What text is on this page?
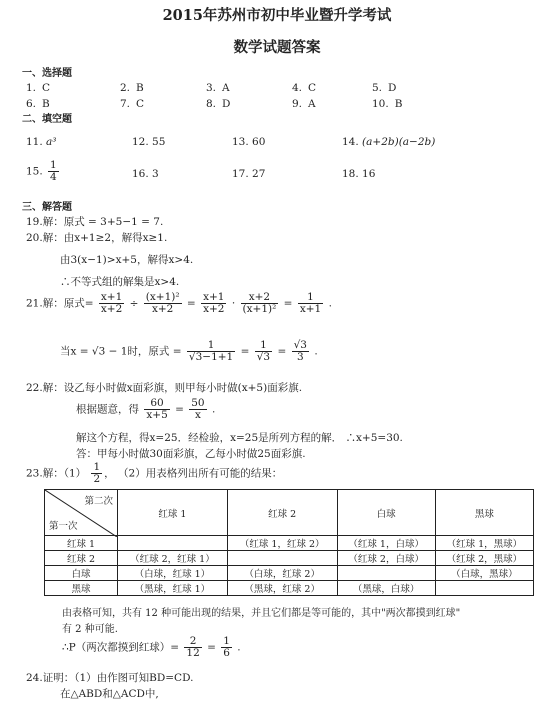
2015年苏州市初中毕业暨升学考试
数学试题答案
一、选择题
1. C	2. B	3. A	4. C	5. D
6. B	7. C	8. D	9. A	10. B
二、填空题
11. a³	12. 55	13. 60	14. (a+2b)(a−2b)
15. $\frac{1}{4}$	16. 3	17. 27	18. 16
三、解答题
19.解：原式 = 3+5−1 = 7.
20.解：由x+1≥2，解得x≥1.
由3(x−1)>x+5，解得x>4.
∴不等式组的解集是x>4.
21.解：原式= $\frac{x+1}{x+2} \div \frac{\text{(x+1)²}}{x+2} = \frac{x+1}{x+2} \cdot \frac{x+2}{\text{(x+1)²}} = \frac{1}{x+1}$ .
当x = √3 − 1时，原式 = $\frac{1}{√3-1+1} = \frac{1}{√3} = \frac{√3}{3}$ .
22.解：设乙每小时做x面彩旗，则甲每小时做(x+5)面彩旗.
根据题意，得 $\frac{60}{x+5} = \frac{50}{x}$ .
解这个方程，得x=25．经检验，x=25是所列方程的解． ∴x+5=30.
答：甲每小时做30面彩旗，乙每小时做25面彩旗.
23.解：$(1) \frac{1}{2}$ ， （2）用表格列出所有可能的结果：
第二次
第一次	红球 1	红球 2	白球	黑球
红球 1		（红球 1，红球 2）	（红球 1，白球）	（红球 1，黑球）
红球 2	（红球 2，红球 1）		（红球 2，白球）	（红球 2，黑球）
白球	（白球，红球 1）	（白球，红球 2）		（白球，黑球）
黑球	（黑球，红球 1）	（黑球，红球 2）	（黑球，白球）	
由表格可知，共有 12 种可能出现的结果，并且它们都是等可能的，其中"两次都摸到红球"
有 2 种可能.
∴P（两次都摸到红球）= $\frac{2}{12} = \frac{1}{6}$ .
24.证明：（1）由作图可知BD=CD.
在△ABD和△ACD中,
